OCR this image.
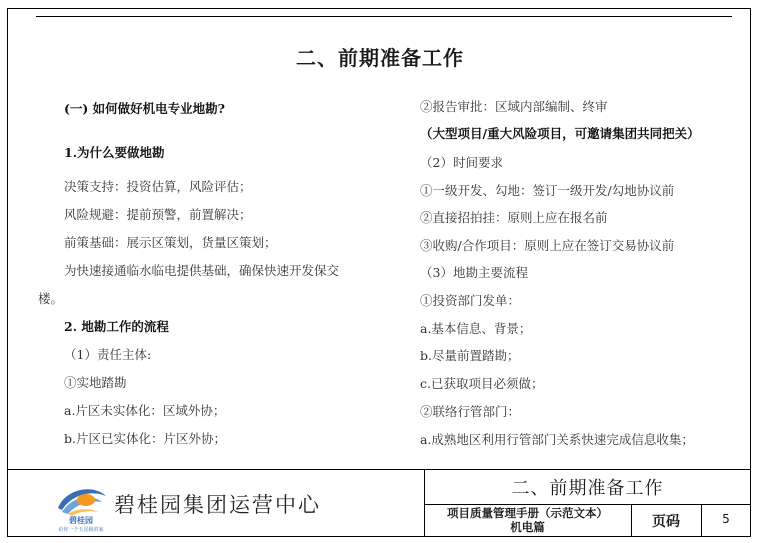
二、前期准备工作
(一) 如何做好机电专业地勘?
1.为什么要做地勘
决策支持：投资估算，风险评估；
风险规避：提前预警，前置解决；
前策基础：展示区策划，货量区策划；
为快速接通临水临电提供基础，确保快速开发保交
楼。
2. 地勘工作的流程
（1）责任主体:
①实地踏勘
a.片区未实体化：区域外协；
b.片区已实体化：片区外协；
②报告审批：区域内部编制、终审
（大型项目/重大风险项目，可邀请集团共同把关）
（2）时间要求
①一级开发、勾地：签订一级开发/勾地协议前
②直接招拍挂：原则上应在报名前
③收购/合作项目：原则上应在签订交易协议前
（3）地勘主要流程
①投资部门发单：
a.基本信息、背景；
b.尽量前置踏勘；
c.已获取项目必须做；
②联络行管部门：
a.成熟地区利用行管部门关系快速完成信息收集；
碧桂园
给你一个五星级的家
碧桂园集团运营中心
二、前期准备工作
项目质量管理手册（示范文本）
机电篇	页码	5
